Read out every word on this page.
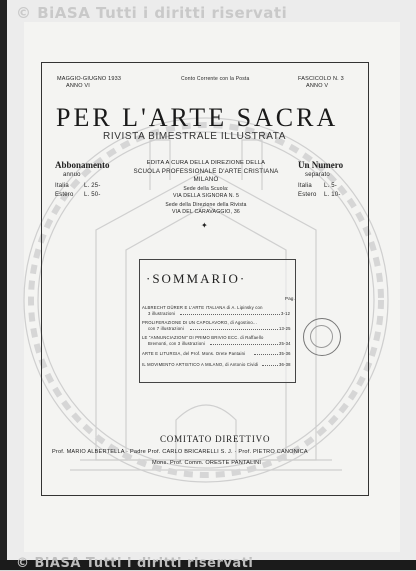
© BiASA Tutti i diritti riservati
MAGGIO-GIUGNO 1933
ANNO VI
Conto Corrente con la Posta	FASCICOLO N. 3
ANNO V
PER L'ARTE SACRA
RIVISTA BIMESTRALE ILLUSTRATA
Abbonamento
annuo
Italia	L. 25-
Estero L. 50-
Un Numero
separato
Italia L. 5-
Estero L. 10-
EDITA A CURA DELLA DIREZIONE DELLA
SCUOLA PROFESSIONALE D'ARTE CRISTIANA
MILANO
Sede della Scuola:
VIA DELLA SIGNORA N. 5
Sede della Direzione della Rivista
VIA DEL CARAVAGGIO, 36
✦
·SOMMARIO·
Pag.
ALBRECHT DÜRER E L'ARTE ITALIANA di A. Lipinsky con
3 illustrazioni	3-12
PROLIFERAZIONE DI UN CAPOLAVORO, di Agostino...
con 7 illustrazioni	13-25
LE "ANNUNCIAZIONI" DI PRIMO BRIVIO ECC. di Raffaello
Bremonti, con 3 illustrazioni	25-34
ARTE E LITURGIA, del Prof. Mons. Orete Pantaini	35-36
IL MOVIMENTO ARTISTICO A MILANO, di Antonio Cividi	36-38
COMITATO DIRETTIVO
Prof. MARIO ALBERTELLA · Padre Prof. CARLO BRICARELLI S. J. · Prof. PIETRO CANONICA
Mons. Prof. Comm. ORESTE PANTALINI
© BiASA Tutti i diritti riservati
